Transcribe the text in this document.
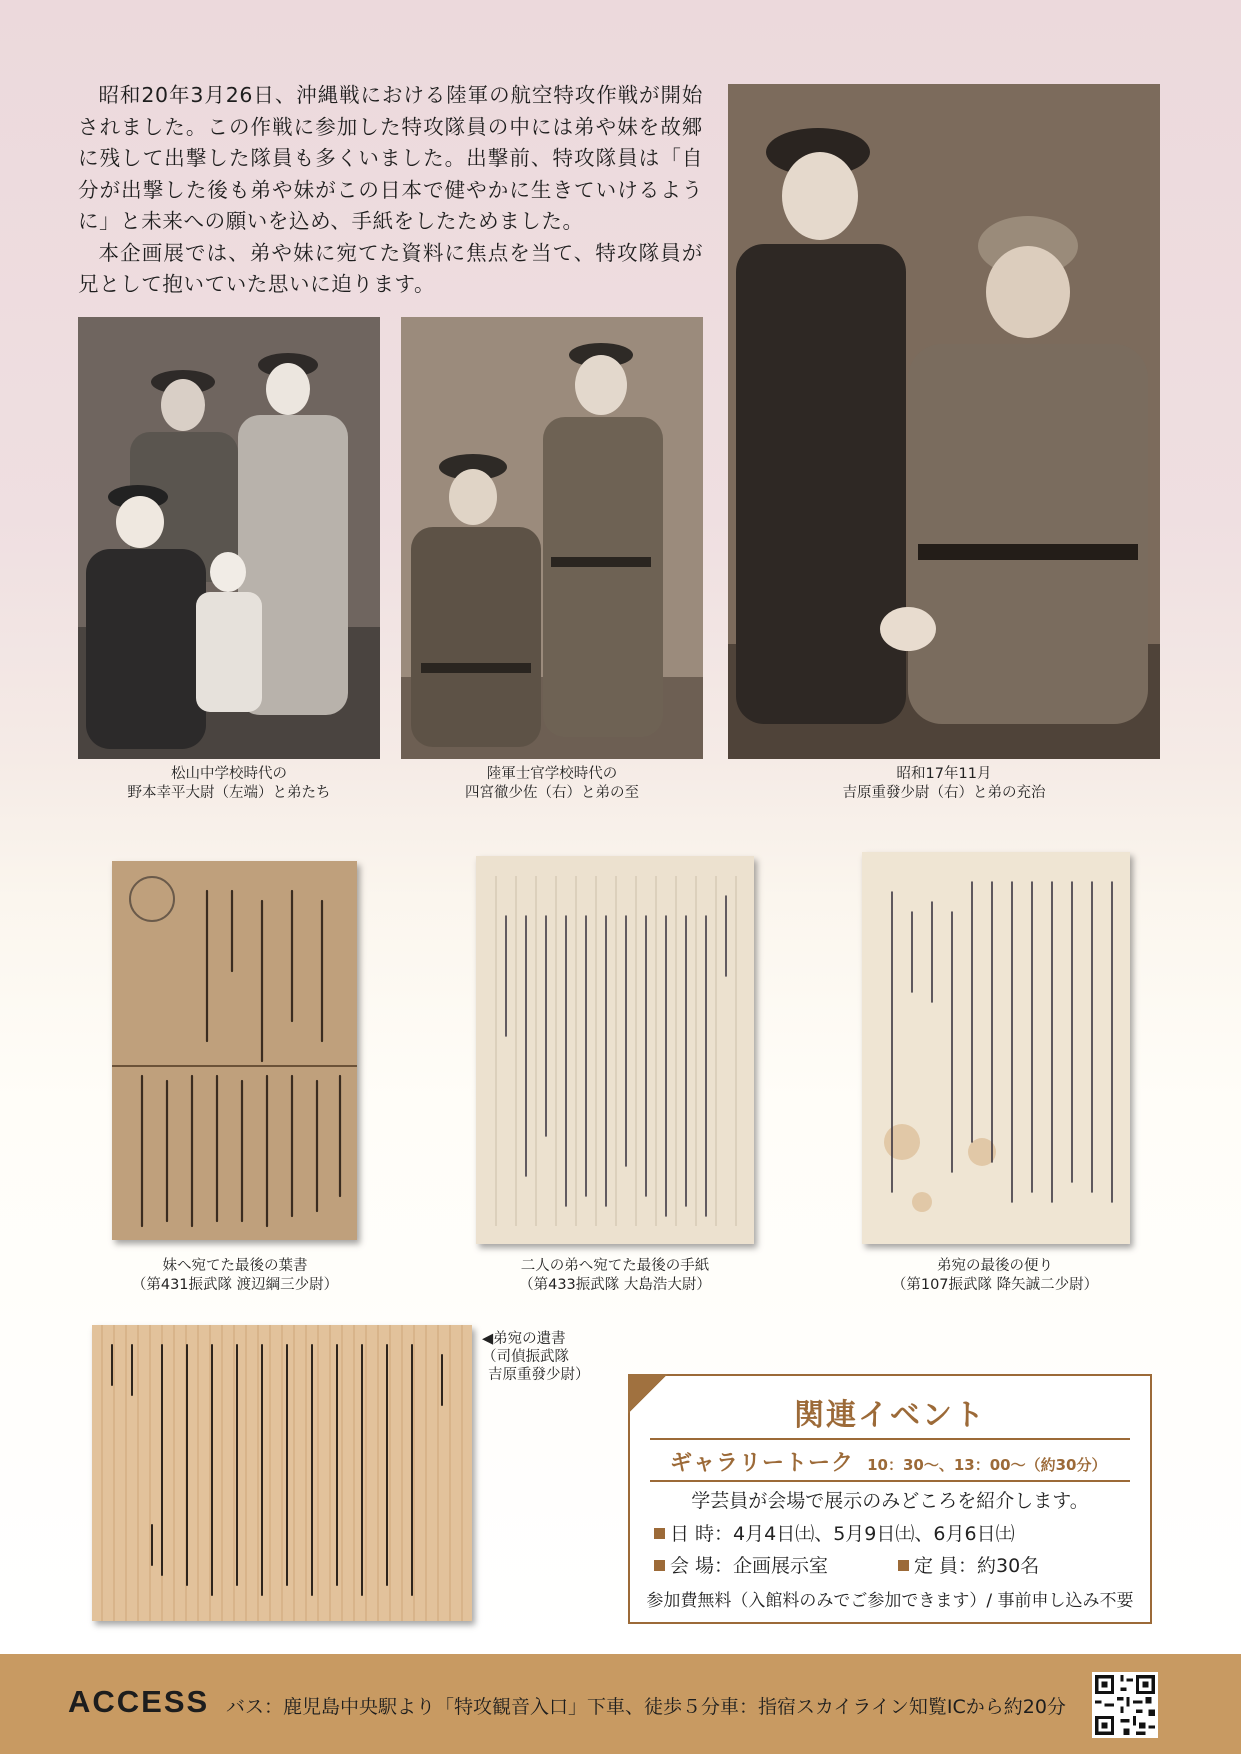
昭和20年3月26日、沖縄戦における陸軍の航空特攻作戦が開始されました。この作戦に参加した特攻隊員の中には弟や妹を故郷に残して出撃した隊員も多くいました。出撃前、特攻隊員は「自分が出撃した後も弟や妹がこの日本で健やかに生きていけるように」と未来への願いを込め、手紙をしたためました。

本企画展では、弟や妹に宛てた資料に焦点を当て、特攻隊員が兄として抱いていた思いに迫ります。

松山中学校時代の
野本幸平大尉（左端）と弟たち
陸軍士官学校時代の
四宮徹少佐（右）と弟の至
昭和17年11月
吉原重發少尉（右）と弟の充治
妹へ宛てた最後の葉書
（第431振武隊 渡辺綱三少尉）
二人の弟へ宛てた最後の手紙
（第433振武隊 大島浩大尉）
弟宛の最後の便り
（第107振武隊 降矢誠二少尉）
◀弟宛の遺書
（司偵振武隊
吉原重發少尉）
関連イベント
ギャラリートーク 10：30～、13：00～（約30分）
学芸員が会場で展示のみどころを紹介します。
日 時：4月4日㈯、5月9日㈯、6月6日㈯
会 場：企画展示室	定 員：約30名
参加費無料（入館料のみでご参加できます）/ 事前申し込み不要
ACCESS バス：鹿児島中央駅より「特攻観音入口」下車、徒歩５分 車：指宿スカイライン知覧ICから約20分
